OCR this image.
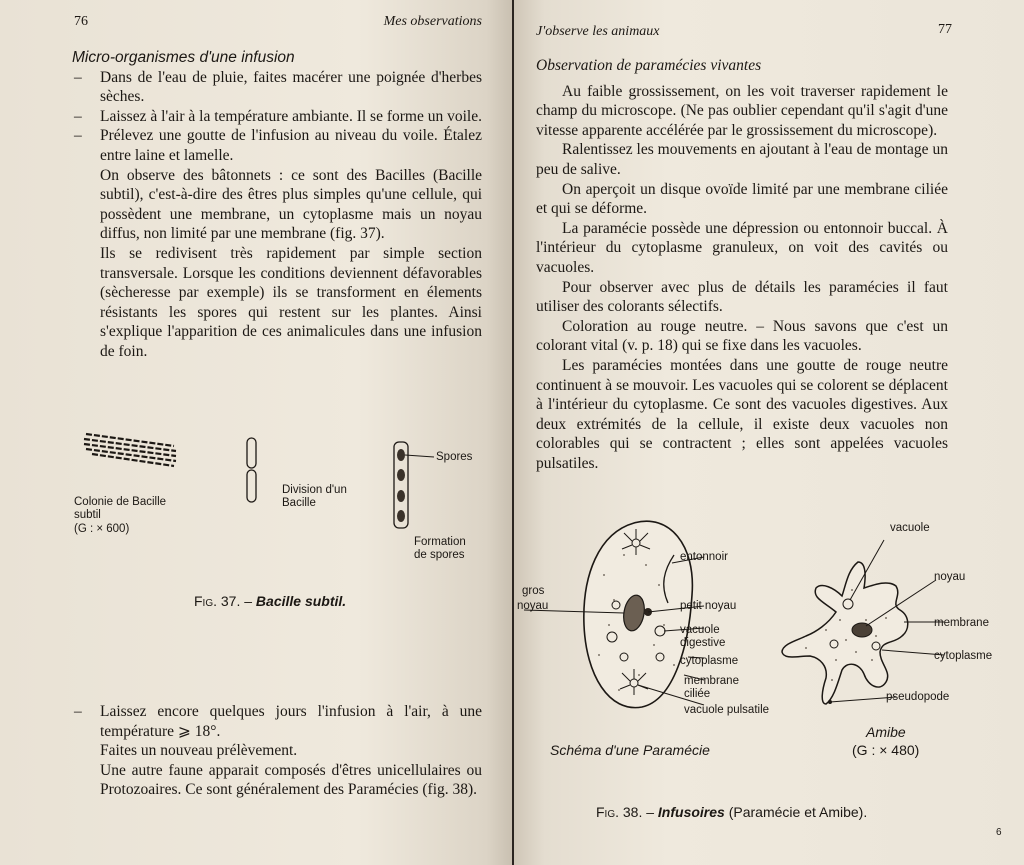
76	Mes observations

Micro-organismes d'une infusion

– Dans de l'eau de pluie, faites macérer une poignée d'herbes sèches.

– Laissez à l'air à la température ambiante. Il se forme un voile.

– Prélevez une goutte de l'infusion au niveau du voile. Étalez entre laine et lamelle.

On observe des bâtonnets : ce sont des Bacilles (Bacille subtil), c'est-à-dire des êtres plus simples qu'une cellule, qui possèdent une membrane, un cytoplasme mais un noyau diffus, non limité par une membrane (fig. 37).

Ils se redivisent très rapidement par simple section transversale. Lorsque les conditions deviennent défavorables (sècheresse par exemple) ils se transforment en élements résistants les spores qui restent sur les plantes. Ainsi s'explique l'apparition de ces animalicules dans une infusion de foin.

Colonie de Bacille subtil
(G : × 600)
Division d'un Bacille
Spores
Formation de spores
Fig. 37. – Bacille subtil.

– Laissez encore quelques jours l'infusion à l'air, à une température ⩾ 18°.

Faites un nouveau prélèvement.

Une autre faune apparait composés d'êtres unicellulaires ou Protozoaires. Ce sont généralement des Paramécies (fig. 38).

J'observe les animaux	77

Observation de paramécies vivantes

Au faible grossissement, on les voit traverser rapidement le champ du microscope. (Ne pas oublier cependant qu'il s'agit d'une vitesse apparente accélérée par le grossissement du microscope).

Ralentissez les mouvements en ajoutant à l'eau de montage un peu de salive.

On aperçoit un disque ovoïde limité par une membrane ciliée et qui se déforme.

La paramécie possède une dépression ou entonnoir buccal. À l'intérieur du cytoplasme granuleux, on voit des cavités ou vacuoles.

Pour observer avec plus de détails les paramécies il faut utiliser des colorants sélectifs.

Coloration au rouge neutre. – Nous savons que c'est un colorant vital (v. p. 18) qui se fixe dans les vacuoles.

Les paramécies montées dans une goutte de rouge neutre continuent à se mouvoir. Les vacuoles qui se colorent se déplacent à l'intérieur du cytoplasme. Ce sont des vacuoles digestives. Aux deux extrémités de la cellule, il existe deux vacuoles non colorables qui se contractent ; elles sont appelées vacuoles pulsatiles.

gros
noyau
entonnoir
petit noyau
vacuole digestive
cytoplasme
membrane ciliée
vacuole pulsatile
vacuole
noyau
membrane
cytoplasme
pseudopode
Schéma d'une Paramécie
Amibe
(G : × 480)
Fig. 38. – Infusoires (Paramécie et Amibe).
6
